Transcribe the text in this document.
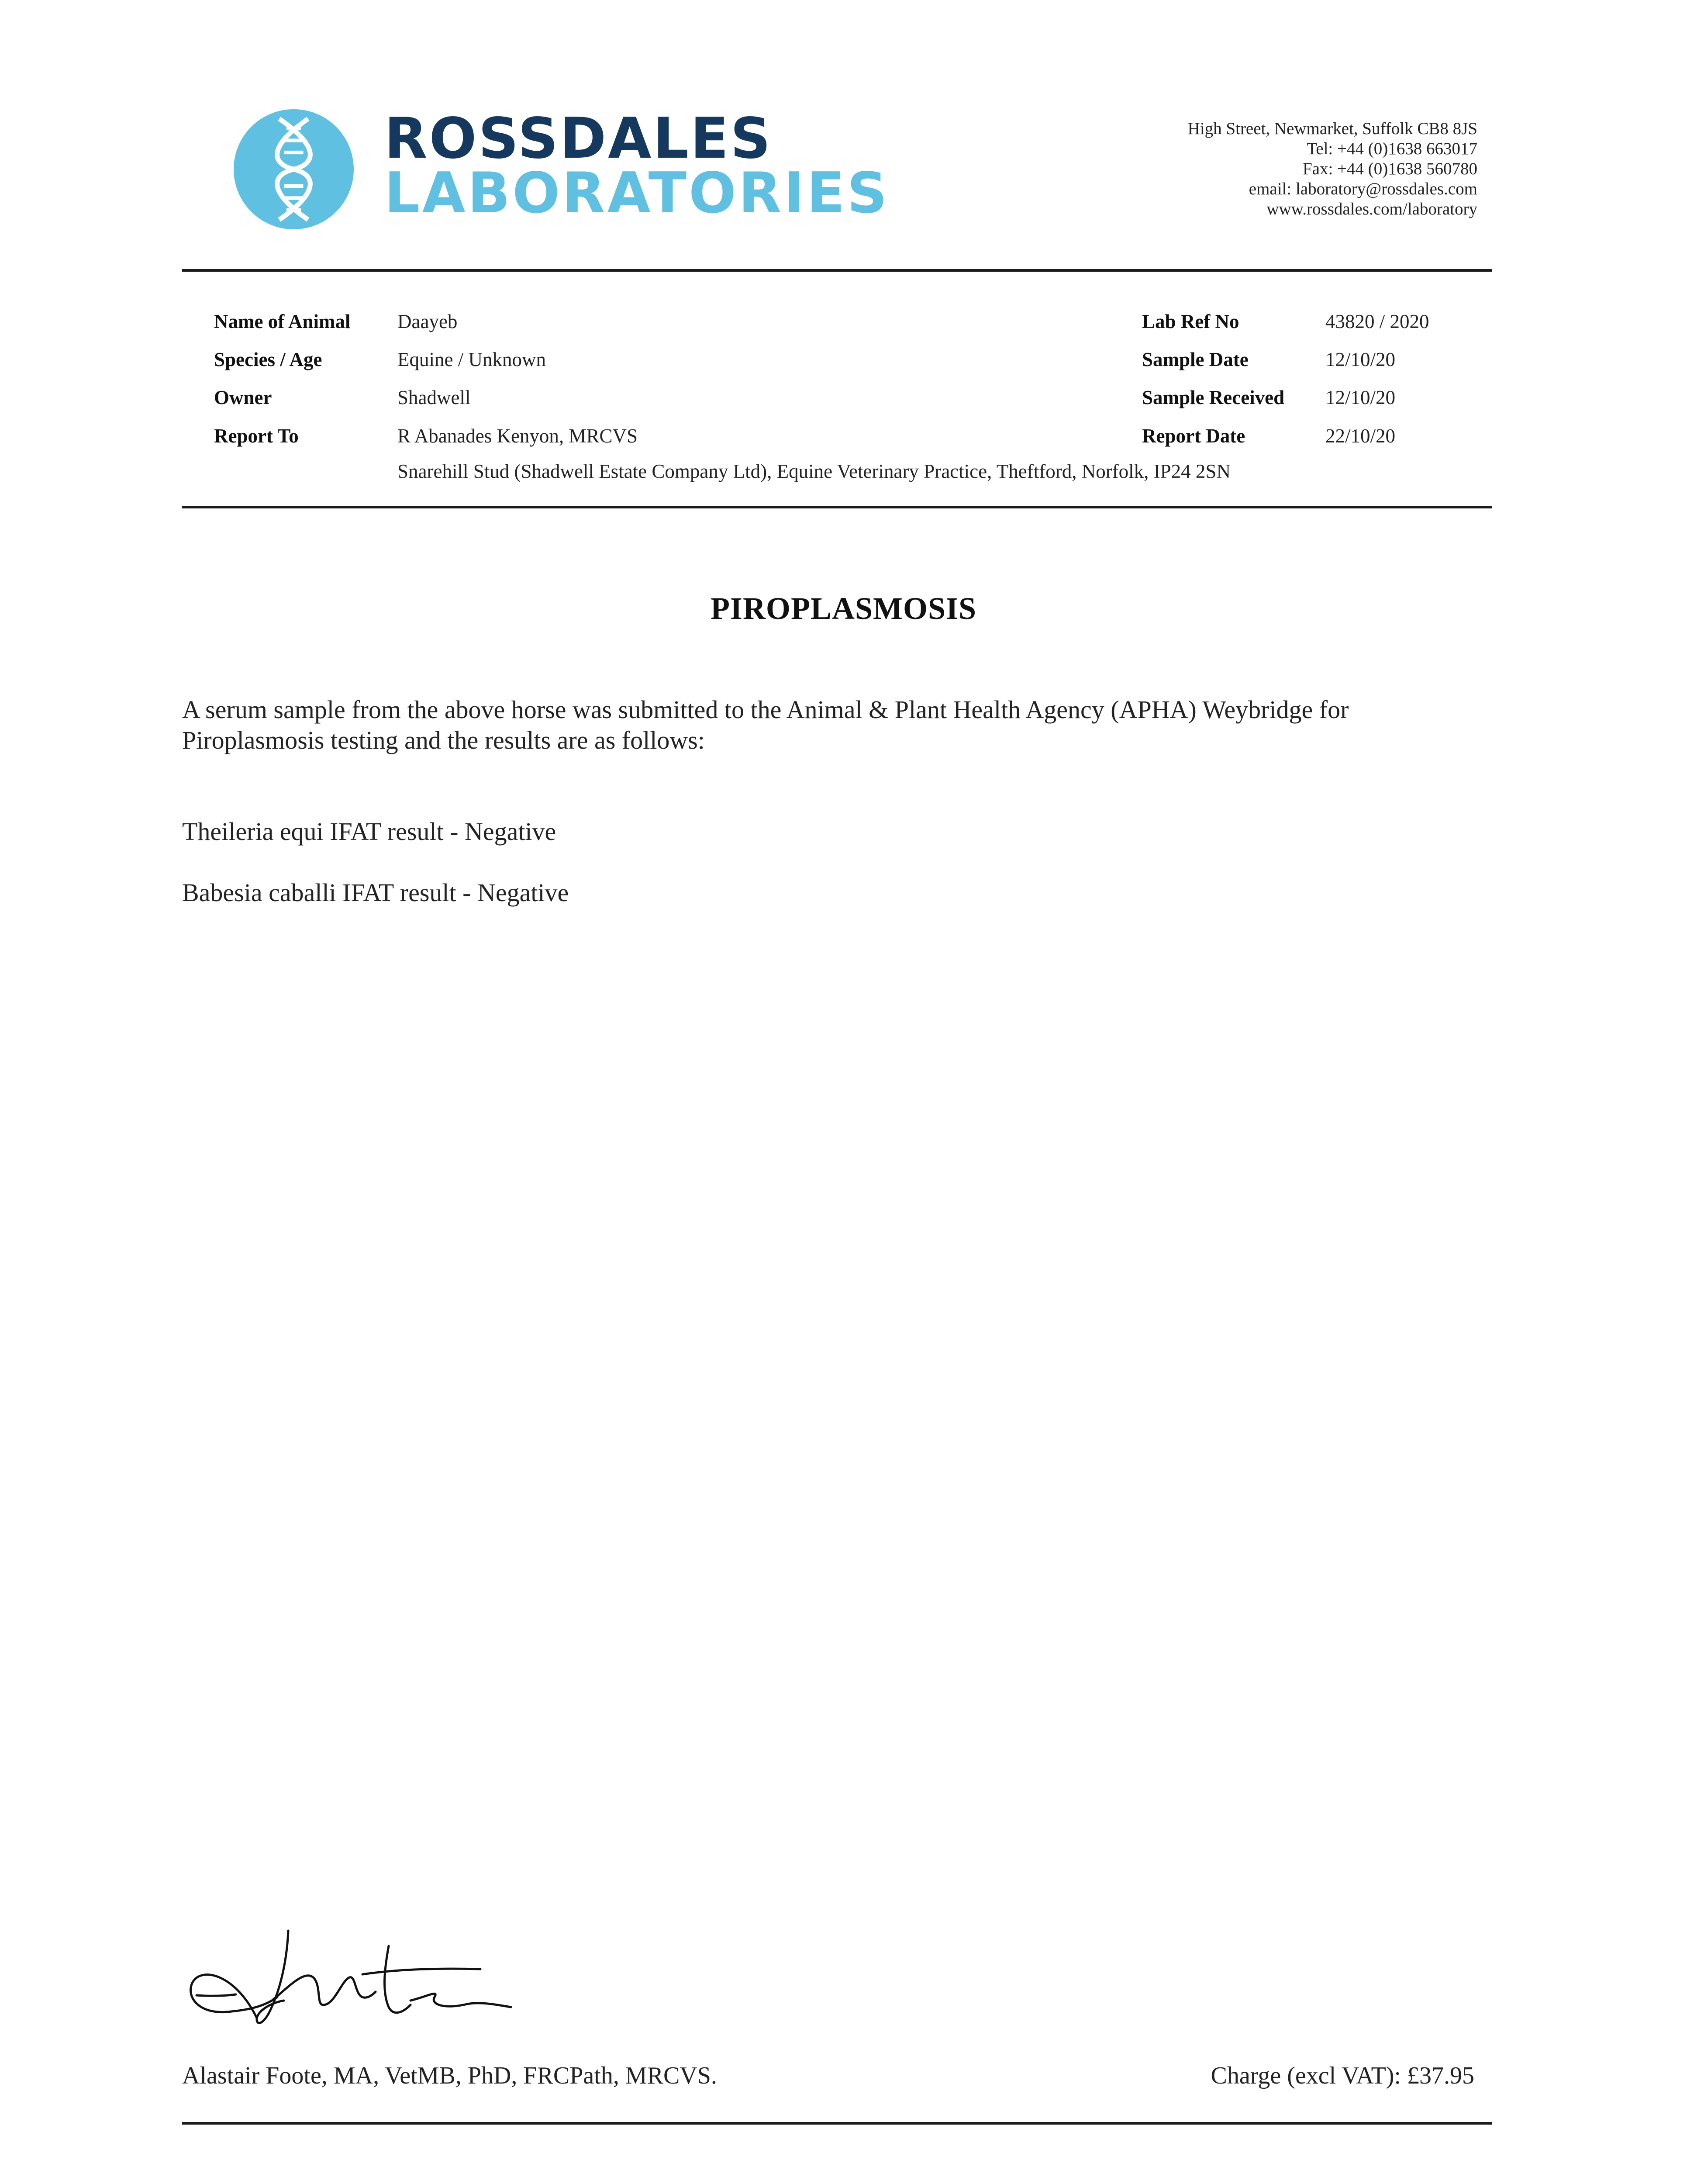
ROSSDALES
LABORATORIES
High Street, Newmarket, Suffolk CB8 8JS
Tel: +44 (0)1638 663017
Fax: +44 (0)1638 560780
email: laboratory@rossdales.com
www.rossdales.com/laboratory
Name of Animal Daayeb
Species / Age	Equine / Unknown
Owner	Shadwell
Report To	R Abanades Kenyon, MRCVS
Snarehill Stud (Shadwell Estate Company Ltd), Equine Veterinary Practice, Theftford, Norfolk, IP24 2SN
Lab Ref No	43820 / 2020
Sample Date	12/10/20
Sample Received 12/10/20
Report Date	22/10/20
PIROPLASMOSIS
A serum sample from the above horse was submitted to the Animal & Plant Health Agency (APHA) Weybridge for Piroplasmosis testing and the results are as follows:
Theileria equi IFAT result - Negative
Babesia caballi IFAT result - Negative
Alastair Foote, MA, VetMB, PhD, FRCPath, MRCVS.	Charge (excl VAT): £37.95
